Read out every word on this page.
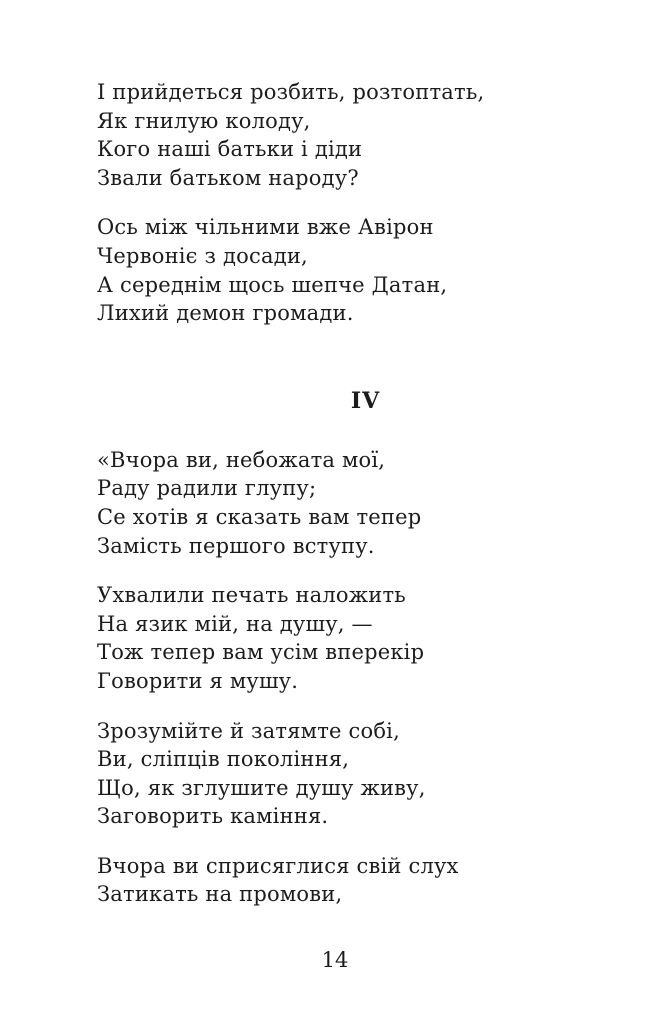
І прийдеться розбить, розтоптать,
Як гнилую колоду,
Кого наші батьки і діди
Звали батьком народу?
Ось між чільними вже Авірон
Червоніє з досади,
А середнім щось шепче Датан,
Лихий демон громади.
IV
«Вчора ви, небожата мої,
Раду радили глупу;
Се хотів я сказать вам тепер
Замість першого вступу.
Ухвалили печать наложить
На язик мій, на душу, —
Тож тепер вам усім вперекір
Говорити я мушу.
Зрозумійте й затямте собі,
Ви, сліпців покоління,
Що, як зглушите душу живу,
Заговорить каміння.
Вчора ви сприсяглися свій слух
Затикать на промови,
14
